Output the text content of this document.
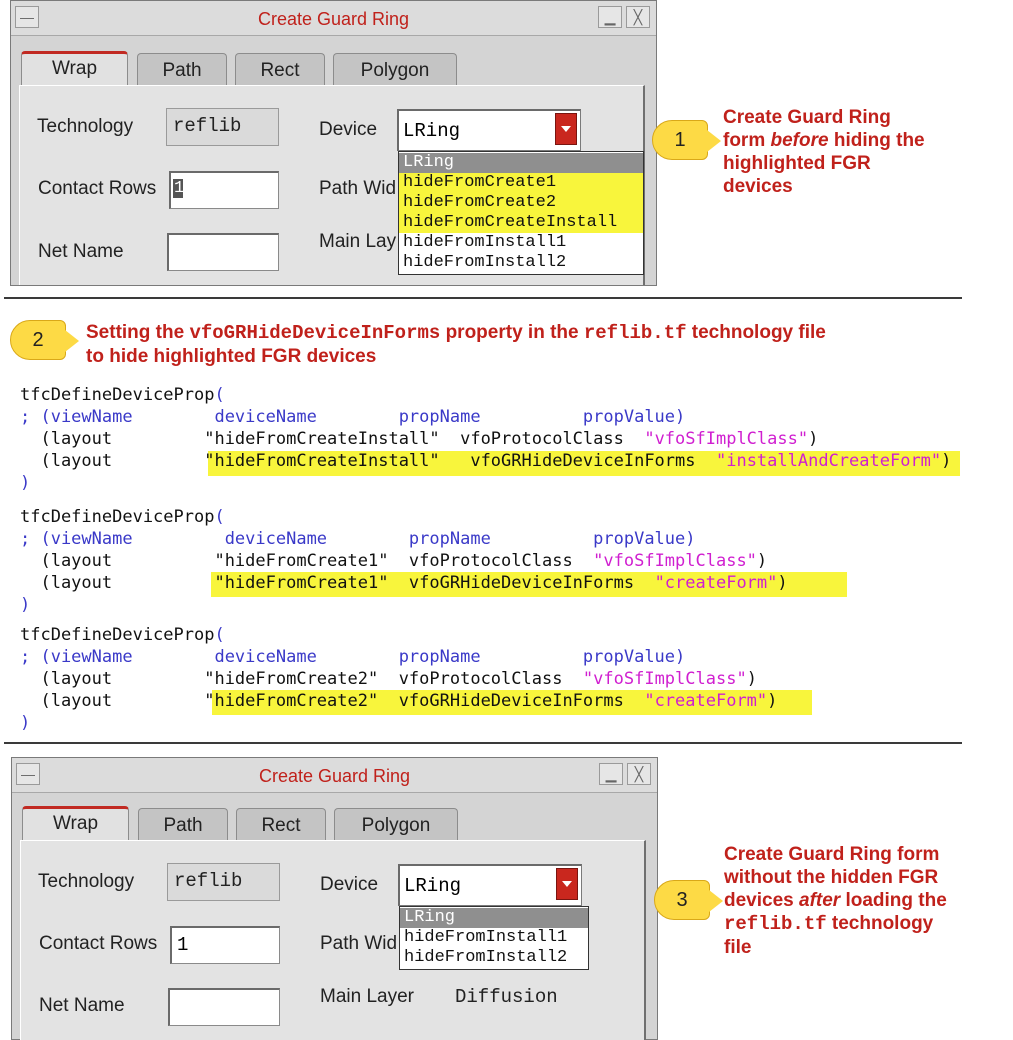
—	Create Guard Ring	▁	╳
Wrap	Path	Rect	Polygon
Technology	reflib	Device LRing
Contact Rows 1	Path Wid
Net Name	Main Lay
LRing
hideFromCreate1
hideFromCreate2
hideFromCreateInstall
hideFromInstall1
hideFromInstall2
1
Create Guard Ring
form before hiding the
highlighted FGR
devices
2	Setting the vfoGRHideDeviceInForms property in the reflib.tf technology file
to hide highlighted FGR devices
tfcDefineDeviceProp(
; (viewName        deviceName        propName          propValue)
(layout         "hideFromCreateInstall"  vfoProtocolClass  "vfoSfImplClass")
(layout         "hideFromCreateInstall"   vfoGRHideDeviceInForms  "installAndCreateForm")
)
tfcDefineDeviceProp(
; (viewName         deviceName        propName          propValue)
(layout          "hideFromCreate1"  vfoProtocolClass  "vfoSfImplClass")
(layout          "hideFromCreate1"  vfoGRHideDeviceInForms  "createForm")
)
tfcDefineDeviceProp(
; (viewName        deviceName        propName          propValue)
(layout         "hideFromCreate2"  vfoProtocolClass  "vfoSfImplClass")
(layout         "hideFromCreate2"  vfoGRHideDeviceInForms  "createForm")
)
—	Create Guard Ring	▁	╳
Wrap	Path	Rect	Polygon
Technology	reflib	Device LRing
Contact Rows	1	Path Wid
Net Name	Main Layer Diffusion
LRing
hideFromInstall1
hideFromInstall2
3
Create Guard Ring form
without the hidden FGR
devices after loading the
reflib.tf technology
file
